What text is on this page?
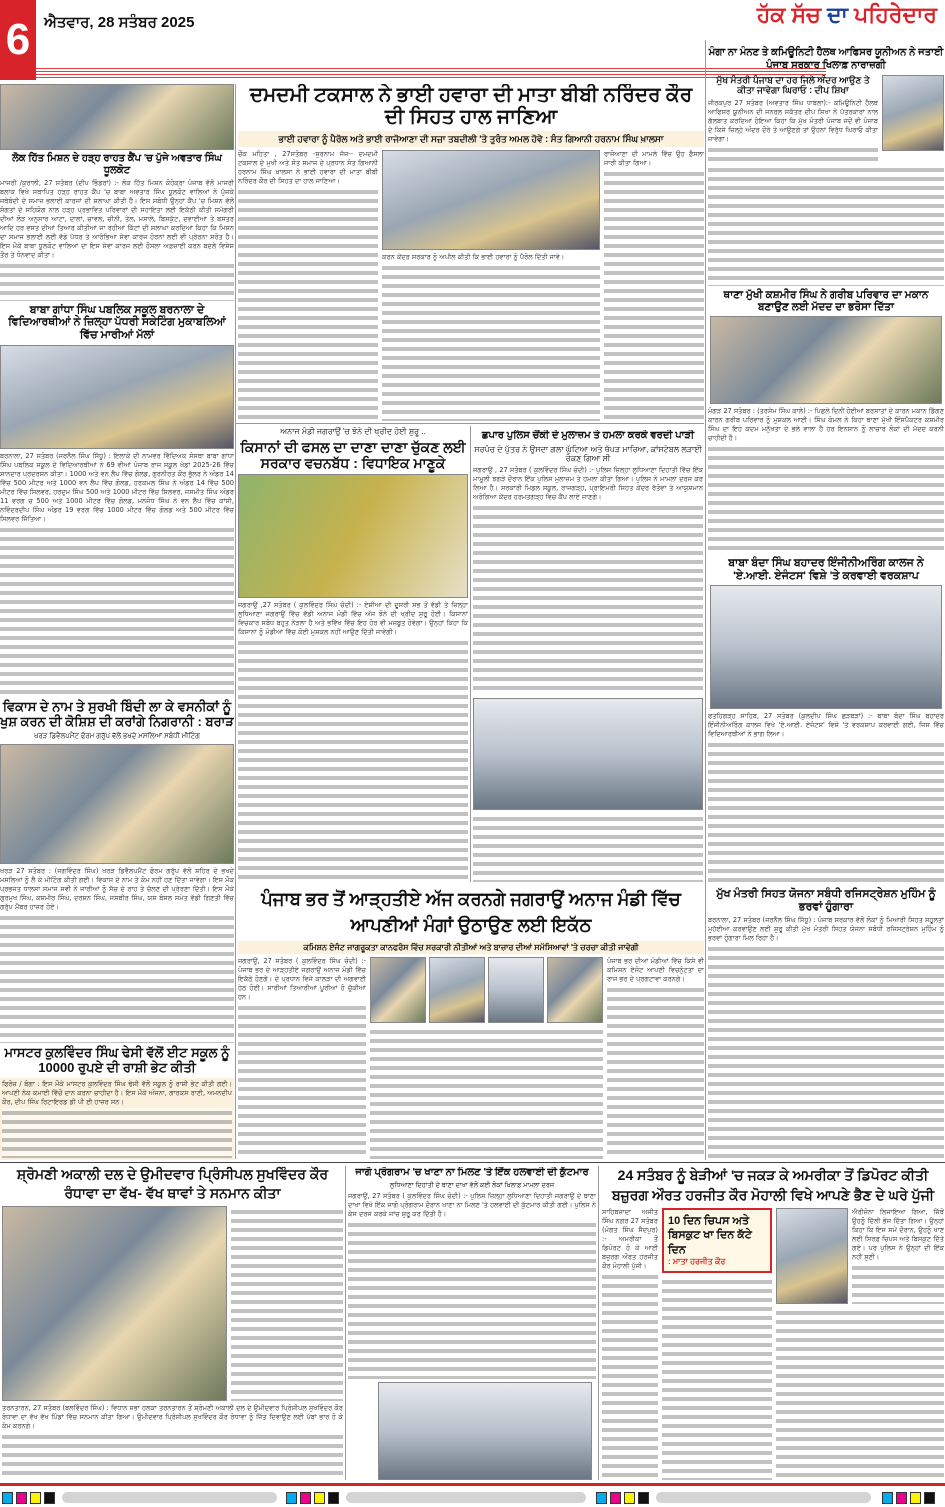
6 ਐਤਵਾਰ, 28 ਸਤੰਬਰ 2025	ਹੱਕ ਸੱਚ ਦਾ ਪਹਿਰੇਦਾਰ
ਲੋਕ ਹਿੱਤ ਮਿਸ਼ਨ ਦੇ ਹੜ੍ਹ ਰਾਹਤ ਕੈਂਪ 'ਚ ਪੁੱਜੇ ਅਵਤਾਰ ਸਿੰਘ ਧੂਲਕੋਟ

ਮਾਜਰੀ /ਕੁਰਾਲੀ, 27 ਸਤੰਬਰ (ਦੀਪ ਭਿੰਡਰਾਂ) :- ਲੋਕ ਹਿੱਤ ਮਿਸ਼ਨ ਕੋਹੋਕ੍ਰਾ ਪੰਜਾਬ ਵੱਲੋਂ ਮਾਜਰੀ ਬਲਾਕ ਵਿਖੇ ਸਥਾਪਿਤ ਹੜ੍ਹ ਰਾਹਤ ਕੈਂਪ 'ਚ ਬਾਬਾ ਅਵਤਾਰ ਸਿੰਘ ਧੂਲਕੋਟ ਵਾਲਿਆਂ ਨੇ ਪੁੱਜਕੇ ਜਥੇਬੰਦੀ ਦੇ ਸਮਾਜ ਭਲਾਈ ਕਾਰਜਾਂ ਦੀ ਸ਼ਲਾਘਾ ਕੀਤੀ ਹੈ। ਇਸ ਸਬੰਧੀ ਉਨ੍ਹਾਂ ਕੈਂਪ 'ਚ ਮਿਸ਼ਨ ਵੱਲੋਂ ਸੰਗਤਾਂ ਦੇ ਸਹਿਯੋਗ ਨਾਲ ਹੜ੍ਹ ਪ੍ਰਭਾਵਿਤ ਪਰਿਵਾਰਾਂ ਦੀ ਸਹਾਇਤਾ ਲਈ ਇਕੱਠੀ ਕੀਤੀ ਸਮੱਗਰੀ ਦੀਆਂ ਲੋੜ ਅਨੁਸਾਰ ਆਟਾ, ਦਾਲਾਂ, ਚਾਵਲ, ਚੀਨੀ, ਤੇਲ, ਮਸਾਲੇ, ਬਿਸਕੁੱਟ, ਦਵਾਈਆਂ ਤੇ ਬਸਤਰ ਆਦਿ ਹਰ ਵਸਤ ਦੀਆਂ ਤਿਆਰ ਕੀਤੀਆਂ ਜਾ ਰਹੀਆਂ ਕਿੱਟਾਂ ਦੀ ਸ਼ਲਾਘਾ ਕਰਦਿਆਂ ਕਿਹਾ ਕਿ ਮਿਸ਼ਨ ਦਾ ਸਮਾਜ ਭਲਾਈ ਲਈ ਵੱਡੇ ਪੱਧਰ ਤੇ ਆਰੰਭਿਆ ਸੇਵਾ ਕਾਰਜ ਹੋਰਨਾਂ ਲਈ ਵੀ ਪ੍ਰੇਰਨਾ ਸਰੋਤ ਹੈ। ਇਸ ਮੌਕੇ ਬਾਬਾ ਧੂਲਕੋਟ ਵਾਲਿਆਂ ਦਾ ਇਸ ਸੇਵਾ ਕਾਰਜ ਲਈ ਹੌਸਲਾ ਅਫ਼ਜ਼ਾਈ ਕਰਨ ਬਦਲੇ ਵਿਸ਼ੇਸ਼ ਤੌਰ ਤੇ ਧੰਨਵਾਦ ਕੀਤਾ।

ਬਾਬਾ ਗਾਂਧਾ ਸਿੰਘ ਪਬਲਿਕ ਸਕੂਲ ਬਰਨਾਲਾ ਦੇ ਵਿਦਿਆਰਥੀਆਂ ਨੇ ਜ਼ਿਲ੍ਹਾ ਪੱਧਰੀ ਸਕੇਟਿੰਗ ਮੁਕਾਬਲਿਆਂ ਵਿੱਚ ਮਾਰੀਆਂ ਮੱਲਾਂ

ਬਰਨਾਲਾ, 27 ਸਤੰਬਰ (ਜਰਨੈਲ ਸਿੰਘ ਸਿੱਧੂ) : ਇਲਾਕੇ ਦੀ ਨਾਮਵਰ ਵਿੱਦਿਅਕ ਸੰਸਥਾ ਬਾਬਾ ਗਾਂਧਾ ਸਿੰਘ ਪਬਲਿਕ ਸਕੂਲ ਦੇ ਵਿਦਿਆਰਥੀਆਂ ਨੇ 69 ਵੀਆਂ ਪੰਜਾਬ ਰਾਜ ਸਕੂਲ ਖੇਡਾਂ 2025-26 ਵਿੱਚ ਸ਼ਾਨਦਾਰ ਪ੍ਰਦਰਸ਼ਨ ਕੀਤਾ। 1000 ਅਤੇ ਵਨ ਲੈਪ ਵਿੱਚ ਗੋਲਡ, ਗੁਰਨੀਰਤ ਕੌਰ ਭੁੱਲਰ ਨੇ ਅੰਡਰ 14 ਵਿੱਚ 500 ਮੀਟਰ ਅਤੇ 1000 ਵਨ ਲੈਪ ਵਿੱਚ ਗੋਲਡ, ਹਰਕਮਲ ਸਿੰਘ ਨੇ ਅੰਡਰ 14 ਵਿੱਚ 500 ਮੀਟਰ ਵਿੱਚ ਸਿਲਵਰ, ਹਰਦੁਮ ਸਿੰਘ 500 ਅਤੇ 1000 ਮੀਟਰ ਵਿੱਚ ਸਿਲਵਰ, ਜਸਮੀਤ ਸਿੰਘ ਅੰਡਰ 11 ਵਰਗ ਚ 500 ਅਤੇ 1000 ਮੀਟਰ ਵਿੱਚ ਗੋਲਡ, ਮਨਜੋਧ ਸਿੰਘ ਨੇ ਵਨ ਲੈਪ ਵਿੱਚ ਕਾਂਸੀ, ਨਵਿੰਦਰਦੀਪ ਸਿੰਘ ਅੰਡਰ 19 ਵਰਗ ਵਿੱਚ 1000 ਮੀਟਰ ਵਿੱਚ ਗੋਲਡ ਅਤੇ 500 ਮੀਟਰ ਵਿੱਚ ਸਿਲਵਰ ਜਿੱਤਿਆ।

ਵਿਕਾਸ ਦੇ ਨਾਮ ਤੇ ਸੁਰਖੀ ਬਿੰਦੀ ਲਾ ਕੇ ਵਸਨੀਕਾਂ ਨੂੰ ਖੁਸ਼ ਕਰਨ ਦੀ ਕੋਸ਼ਿਸ਼ ਦੀ ਕਰਾਂਗੇ ਨਿਗਰਾਨੀ : ਬਰਾੜ
ਖਰੜ ਡਿਵੈਲਪਮੈਂਟ ਫੋਰਮ ਗਰੁੱਪ ਵੱਲੋਂ ਭਖਦੇ ਮਸਲਿਆਂ ਸਬੰਧੀ ਮੀਟਿੰਗ

ਖਰੜ 27 ਸਤੰਬਰ : (ਜਗਵਿੰਦਰ ਸਿੰਘ) ਖਰੜ ਡਿਵੈਲਪਮੈਂਟ ਫੋਰਮ ਗਰੁੱਪ ਵੱਲੋਂ ਸ਼ਹਿਰ ਦੇ ਭਖਦੇ ਮਸਲਿਆਂ ਨੂੰ ਲੈ ਕੇ ਮੀਟਿੰਗ ਕੀਤੀ ਗਈ। ਵਿਕਾਸ ਦੇ ਨਾਮ ਤੇ ਕੰਮ ਨਹੀਂ ਹਣ ਦਿੱਤਾ ਜਾਵੇਗਾ। ਇਸ ਮੌਕ ਪ੍ਰਭਜਤ ਧਾਲਸਾ ਸਮਾਜ ਸਵੀ ਨੇ ਜਾਰੀਆਂ ਨੂੰ ਸੱਚ ਦੇ ਰਾਹ ਤੇ ਚੱਲਣ ਦੀ ਪ੍ਰੇਰਣਾ ਦਿੱਤੀ। ਇਸ ਮੌਕੇ ਗੁਰਮੁਖ ਸਿੰਘ, ਕਸ਼ਮੀਰ ਸਿੰਘ, ਦਰਸ਼ਨ ਸਿੰਘ, ਜਸਬੀਰ ਸਿੰਘ, ਯਸ਼ ਬੰਸਲ ਸਮੇਤ ਵੱਡੀ ਗਿਣਤੀ ਵਿੱਚ ਗਰੁੱਪ ਮੈਂਬਰ ਹਾਜ਼ਰ ਹੋਏ।

ਮਾਸਟਰ ਕੁਲਵਿੰਦਰ ਸਿੰਘ ਢੇਸੀ ਵੱਲੋਂ ਈਟ ਸਕੂਲ ਨੂੰ 10000 ਰੁਪਏ ਦੀ ਰਾਸ਼ੀ ਭੇਟ ਕੀਤੀ

ਫਿਰੋਜ਼ / ਬੰਗਾ : ਇਸ ਮੌਕੇ ਮਾਸਟਰ ਕੁਲਵਿੰਦਰ ਸਿੰਘ ਢੇਸੀ ਵੱਲੋਂ ਸਕੂਲ ਨੂੰ ਰਾਸ਼ੀ ਭੇਟ ਕੀਤੀ ਗਈ। ਆਪਣੀ ਨੇਕ ਕਮਾਈ ਵਿੱਚੋਂ ਦਾਨ ਕਰਨਾ ਚਾਹੀਦਾ ਹੈ। ਇਸ ਮੌਕੇ ਅੰਜਨਾ, ਗਾਰਕਸ ਰਾਣੀ, ਅਮਨਦੀਪ ਕੌਰ, ਦੀਪ ਸਿੰਘ ਰਿਟਾਇਰਡ ਡੀ ਪੀ ਈ ਹਾਜ਼ਰ ਸਨ।

ਦਮਦਮੀ ਟਕਸਾਲ ਨੇ ਭਾਈ ਹਵਾਰਾ ਦੀ ਮਾਤਾ ਬੀਬੀ ਨਰਿੰਦਰ ਕੌਰ ਦੀ ਸਿਹਤ ਹਾਲ ਜਾਣਿਆ
ਭਾਈ ਹਵਾਰਾ ਨੂੰ ਪੈਰੋਲ ਅਤੇ ਭਾਈ ਰਾਜੋਆਣਾ ਦੀ ਸਜ਼ਾ ਤਬਦੀਲੀ 'ਤੇ ਤੁਰੰਤ ਅਮਲ ਹੋਵੇ : ਸੰਤ ਗਿਆਨੀ ਹਰਨਾਮ ਸਿੰਘ ਖ਼ਾਲਸਾ

ਚੌਕ ਮਹਿਤਾ , 27ਸਤੰਬਰ -ਸੁਰਨਾਮ ਜੱਜ-- ਦਮਦਮੀ ਟਕਸਾਲ ਦੇ ਮੁਖੀ ਅਤੇ ਸੰਤ ਸਮਾਜ ਦੇ ਪ੍ਰਧਾਨ ਸੰਤ ਗਿਆਨੀ ਹਰਨਾਮ ਸਿੰਘ ਖ਼ਾਲਸਾ ਨੇ ਭਾਈ ਹਵਾਰਾ ਦੀ ਮਾਤਾ ਬੀਬੀ ਨਰਿੰਦਰ ਕੌਰ ਦੀ ਸਿਹਤ ਦਾ ਹਾਲ ਜਾਣਿਆ।

ਕਰਨ ਕੇਂਦਰ ਸਰਕਾਰ ਨੂੰ ਅਪੀਲ ਕੀਤੀ ਕਿ ਭਾਈ ਹਵਾਰਾ ਨੂੰ ਪੈਰੋਲ ਦਿੱਤੀ ਜਾਵੇ।

ਰਾਜੋਆਣਾ ਦੀ ਮਾਮਲੇ ਵਿੱਚ ਉਹ ਫ਼ੈਸਲਾ ਜਾਰੀ ਕੀਤਾ ਗਿਆ।

ਅਨਾਜ ਮੰਡੀ ਜਗਰਾਉਂ 'ਚ ਝੋਨੇ ਦੀ ਖ੍ਰੀਦ ਹੋਈ ਸ਼ੁਰੂ ..
ਕਿਸਾਨਾਂ ਦੀ ਫਸਲ ਦਾ ਦਾਣਾ ਦਾਣਾ ਚੁੱਕਣ ਲਈ ਸਰਕਾਰ ਵਚਨਬੱਧ : ਵਿਧਾਇਕ ਮਾਣੂਕੇ

ਜਗਰਾਉਂ ,27 ਸਤੰਬਰ ( ਕੁਲਵਿੰਦਰ ਸਿੰਘ ਚੰਦੀ) :- ਏਸ਼ੀਆ ਦੀ ਦੂਸਰੀ ਸਭ ਤੋਂ ਵੱਡੀ ਤੇ ਜ਼ਿਲ੍ਹਾ ਲੁਧਿਆਣਾ ਜਗਰਾਉਂ ਵਿੱਚ ਵੱਡੀ ਅਨਾਜ ਮੰਡੀ ਵਿੱਚ ਅੱਜ ਝੋਨੇ ਦੀ ਖ੍ਰੀਦ ਸ਼ੁਰੂ ਹੋਈ। ਕਿਸਾਨਾਂ ਵਿਚਕਾਰ ਸਬੰਧ ਬਹੁਤ ਨੇੜਲਾ ਹੈ ਅਤੇ ਭਵਿੱਖ ਵਿੱਚ ਇਹ ਹੋਰ ਵੀ ਮਜ਼ਬੂਤ ਹੋਵੇਗਾ। ਉਨ੍ਹਾਂ ਕਿਹਾ ਕਿ ਕਿਸਾਨਾਂ ਨੂੰ ਮੰਡੀਆਂ ਵਿੱਚ ਕੋਈ ਮੁਸ਼ਕਲ ਨਹੀਂ ਆਉਣ ਦਿੱਤੀ ਜਾਵੇਗੀ।

ਛਪਾਰ ਪੁਲਿਸ ਚੌਂਕੀ ਦੇ ਮੁਲਾਜ਼ਮ ਤੇ ਹਮਲਾ ਕਰਕੇ ਵਰਦੀ ਪਾੜੀ
ਸਰਪੰਚ ਦੇ ਪੁੱਤਰ ਨੇ ਉਸਦਾ ਗਲਾ ਘੁੱਟਿਆ ਅਤੇ ਥੱਪੜ ਮਾਰਿਆ, ਕਾਂਸਟੇਬਲ ਲੜਾਈ ਰੋਕਣ ਗਿਆ ਸੀ

ਜਗਰਾਉਂ , 27 ਸਤੰਬਰ ( ਕੁਲਵਿੰਦਰ ਸਿੰਘ ਚੰਦੀ) :- ਪੁਲਿਸ ਜ਼ਿਲ੍ਹਾ ਲੁਧਿਆਣਾ ਦਿਹਾਤੀ ਵਿੱਚ ਇੱਕ ਮਾਮੂਲੀ ਝਗੜੇ ਦੌਰਾਨ ਇੱਕ ਪੁਲਿਸ ਮੁਲਾਜ਼ਮ ਤੇ ਹਮਲਾ ਕੀਤਾ ਗਿਆ। ਪੁਲਿਸ ਨੇ ਮਾਮਲਾ ਦਰਜ ਕਰ ਲਿਆ ਹੈ। ਸਰਕਾਰੀ ਮਿਡਲ ਸਕੂਲ, ਰਾਜਗੜ੍ਹ, ਪ੍ਰਾਇਮਰੀ ਸਿਹਤ ਕੇਂਦਰ ਰੱਤੋਵਾਂ ਤੇ ਆਯੁਸ਼ਮਾਨ ਅਰੋਗਿਆ ਕੇਂਦਰ ਹਰਮਤਗੜ੍ਹ ਵਿਚ ਕੈਂਪ ਲਾਏ ਜਾਣਗੇ।

ਪੰਜਾਬ ਭਰ ਤੋਂ ਆੜ੍ਹਤੀਏ ਅੱਜ ਕਰਨਗੇ ਜਗਰਾਉਂ ਅਨਾਜ ਮੰਡੀ ਵਿੱਚ ਆਪਣੀਆਂ ਮੰਗਾਂ ਉਠਾਉਣ ਲਈ ਇਕੱਠ
ਕਮਿਸ਼ਨ ਏਜੰਟ ਜਾਗਰੂਕਤਾ ਕਾਨਫਰੰਸ ਵਿੱਚ ਸਰਕਾਰੀ ਨੀਤੀਆਂ ਅਤੇ ਬਾਜ਼ਾਰ ਦੀਆਂ ਸਮੱਸਿਆਵਾਂ 'ਤੇ ਚਰਚਾ ਕੀਤੀ ਜਾਵੇਗੀ

ਜਗਰਾਉਂ, 27 ਸਤੰਬਰ ( ਕੁਲਵਿੰਦਰ ਸਿੰਘ ਚੰਦੀ) :- ਪੰਜਾਬ ਭਰ ਦੇ ਆੜ੍ਹਤੀਏ ਜਗਰਾਉਂ ਅਨਾਜ ਮੰਡੀ ਵਿੱਚ ਇਕੱਠੇ ਹੋਣਗੇ। ਦੇ ਪ੍ਰਧਾਨ ਵਿਜੇ ਕਾਲੜਾ ਦੀ ਅਗਵਾਈ ਹੇਠ ਹੋਈ। ਸਾਰੀਆਂ ਤਿਆਰੀਆਂ ਪੂਰੀਆਂ ਹੋ ਚੁੱਕੀਆਂ ਹਨ।

ਪੰਜਾਬ ਭਰ ਦੀਆਂ ਮੰਡੀਆਂ ਵਿੱਚ ਕਿਸੇ ਵੀ ਕਮਿਸ਼ਨ ਏਜੰਟ ਆਪਣੀ ਵਿਚਨੁੰਟਤਾ ਦਾ ਰਾਜ ਭਰ ਦੇ ਪ੍ਰਗਟਾਵਾ ਕਰਨਗੇ।

ਮੰਗਾ ਨਾ ਮੰਨਣ ਤੇ ਕਮਿਊਨਿਟੀ ਹੈਲਥ ਆਫਿਸਰ ਯੂਨੀਅਨ ਨੇ ਜਤਾਈ ਪੰਜਾਬ ਸਰਕਾਰ ਖਿਲਾਫ਼ ਨਾਰਾਜ਼ਗੀ
ਮੁੱਖ ਮੰਤਰੀ ਪੰਜਾਬ ਦਾ ਹਰ ਜਿਲੇ ਅੰਦਰ ਆਉਣ ਤੇ ਕੀਤਾ ਜਾਵੇਗਾ ਘਿਰਾਓ : ਦੀਪ ਸ਼ਿਖਾ

ਜੀਰਕਪੁਰ 27 ਸਤੰਬਰ (ਅਵਤਾਰ ਸਿੰਘ ਧਾਬਲਾ):- ਕਮਿਊਨਿਟੀ ਹੈਲਥ ਆਫਿਸਰ ਯੂਨੀਅਨ ਦੀ ਜਨਰਲ ਸਕੱਤਰ ਦੀਪ ਸ਼ਿਖਾ ਨੇ ਪੱਤਰਕਾਰਾਂ ਨਾਲ ਗੱਲਬਾਤ ਕਰਦਿਆਂ ਹੋਇਆ ਕਿਹਾ ਕਿ ਮੁੱਖ ਮੰਤਰੀ ਪੰਜਾਬ ਜਦੋਂ ਵੀ ਪੰਜਾਬ ਦੇ ਕਿਸੇ ਜ਼ਿਲ੍ਹੇ ਅੰਦਰ ਦੌਰੇ ਤੇ ਆਉਣਗੇ ਤਾਂ ਉਹਨਾਂ ਵਿਰੁੱਧ ਘਿਰਾਓ ਕੀਤਾ ਜਾਵੇਗਾ।

ਥਾਣਾ ਮੁੱਖੀ ਕਸ਼ਮੀਰ ਸਿੰਘ ਨੇ ਗਰੀਬ ਪਰਿਵਾਰ ਦਾ ਮਕਾਨ ਬਣਾਉਣ ਲਈ ਮੱਦਦ ਦਾ ਭਰੋਸਾ ਦਿੱਤਾ

ਮੰਗੜ 27 ਸਤੰਬਰ : (ਤਰਸੇਮ ਸਿੰਘ ਕਾਲੇ) :- ਪਿਛਲੇ ਦਿਨੀਂ ਹੋਈਆਂ ਬਰਸਾਤਾਂ ਦੇ ਕਾਰਨ ਮਕਾਨ ਡਿੱਗਣ ਕਾਰਨ ਗਰੀਬ ਪਰਿਵਾਰ ਨੂੰ ਮੁਸ਼ਕਲ ਆਈ। ਸਿੰਘ ਕੰਮਲ ਨੇ ਕਿਹਾ ਥਾਣਾ ਮੁੱਖੀ ਇੰਸਪੈਕਟਰ ਕਸ਼ਮੀਰ ਸਿੰਘ ਦਾ ਇਹ ਕਦਮ ਮਨੁੱਖਤਾ ਦੇ ਭਲੇ ਵਾਲਾ ਹੈ ਹਰ ਇਨਸਾਨ ਨੂੰ ਲਾਚਾਰ ਲੋਕਾਂ ਦੀ ਮੱਦਦ ਕਰਨੀ ਚਾਹੀਦੀ ਹੈ।

ਬਾਬਾ ਬੰਦਾ ਸਿੰਘ ਬਹਾਦਰ ਇੰਜੀਨੀਅਰਿੰਗ ਕਾਲਜ ਨੇ 'ਏ.ਆਈ. ਏਜੰਟਸ' ਵਿਸ਼ੇ 'ਤੇ ਕਰਵਾਈ ਵਰਕਸ਼ਾਪ

ਫਤਹਿਗੜ੍ਹ ਸਾਹਿਬ, 27 ਸਤੰਬਰ (ਕੁਲਦੀਪ ਸਿੰਘ ਛੜਬੜਾਂ) :- ਬਾਬਾ ਬੰਦਾ ਸਿੰਘ ਬਹਾਦਰ ਇੰਜੀਨੀਅਰਿੰਗ ਕਾਲਜ ਵਿਖੇ 'ਏ.ਆਈ. ਏਜੰਟਸ' ਵਿਸ਼ੇ 'ਤੇ ਵਰਕਸ਼ਾਪ ਕਰਵਾਈ ਗਈ, ਜਿਸ ਵਿੱਚ ਵਿਦਿਆਰਥੀਆਂ ਨੇ ਭਾਗ ਲਿਆ।

ਮੁੱਖ ਮੰਤਰੀ ਸਿਹਤ ਯੋਜਨਾ ਸਬੰਧੀ ਰਜਿਸਟ੍ਰੇਸ਼ਨ ਮੁਹਿੰਮ ਨੂੰ ਭਰਵਾਂ ਹੁੰਗਾਰਾ

ਬਰਨਾਲਾ, 27 ਸਤੰਬਰ (ਜਰਨੈਲ ਸਿੰਘ ਸਿੱਧੂ) : ਪੰਜਾਬ ਸਰਕਾਰ ਵੱਲੋਂ ਲੋਕਾਂ ਨੂੰ ਮਿਆਰੀ ਸਿਹਤ ਸਹੂਲਤਾਂ ਮੁਹੱਈਆ ਕਰਵਾਉਣ ਲਈ ਸ਼ੁਰੂ ਕੀਤੀ ਮੁੱਖ ਮੰਤਰੀ ਸਿਹਤ ਯੋਜਨਾ ਸਬੰਧੀ ਰਜਿਸਟ੍ਰੇਸ਼ਨ ਮੁਹਿੰਮ ਨੂੰ ਭਰਵਾਂ ਹੁੰਗਾਰਾ ਮਿਲ ਰਿਹਾ ਹੈ।

ਸ਼੍ਰੋਮਣੀ ਅਕਾਲੀ ਦਲ ਦੇ ਉਮੀਦਵਾਰ ਪ੍ਰਿੰਸੀਪਲ ਸੁਖਵਿੰਦਰ ਕੌਰ ਰੰਧਾਵਾ ਦਾ ਵੱਖ- ਵੱਖ ਥਾਵਾਂ ਤੇ ਸਨਮਾਨ ਕੀਤਾ

ਤਰਨਤਾਰਨ, 27 ਸਤੰਬਰ (ਬਲਵਿੰਦਰ ਸਿੰਘ) : ਵਿਧਾਨ ਸਭਾ ਹਲਕਾ ਤਰਨਤਾਰਨ ਤੋਂ ਸ਼੍ਰੋਮਣੀ ਅਕਾਲੀ ਦਲ ਦੇ ਉਮੀਦਵਾਰ ਪ੍ਰਿੰਸੀਪਲ ਸੁਖਵਿੰਦਰ ਕੌਰ ਰੰਧਾਵਾ ਦਾ ਵੱਖ ਵੱਖ ਪਿੰਡਾਂ ਵਿੱਚ ਸਨਮਾਨ ਕੀਤਾ ਗਿਆ। ਉਮੀਦਵਾਰ ਪ੍ਰਿੰਸੀਪਲ ਸੁਖਵਿੰਦਰ ਕੌਰ ਰੰਧਾਵਾ ਨੂੰ ਜਿੱਤ ਦਿਵਾਉਣ ਲਈ ਪੱਬਾਂ ਭਾਰ ਹੋ ਕੇ ਕੰਮ ਕਰਨਗੇ।

ਜਾਗੋ ਪ੍ਰੋਗਰਾਮ 'ਚ ਖਾਣਾ ਨਾ ਮਿਲਣ 'ਤੇ ਇੱਕ ਹਲਵਾਈ ਦੀ ਕੁੱਟਮਾਰ
ਲੁਧਿਆਣਾ ਦਿਹਾਤੀ ਦੇ ਥਾਣਾ ਦਾਖਾ ਵੱਲੋਂ ਕਈ ਲੋਕਾਂ ਖ਼ਿਲਾਫ਼ ਮਾਮਲਾ ਦਰਜ

ਜਗਰਾਉਂ, 27 ਸਤੰਬਰ ( ਕੁਲਵਿੰਦਰ ਸਿੰਘ ਚੰਦੀ) :- ਪੁਲਿਸ ਜ਼ਿਲ੍ਹਾ ਲੁਧਿਆਣਾ ਦਿਹਾਤੀ ਜਗਰਾਉਂ ਦੇ ਥਾਣਾ ਦਾਖਾ ਵਿਖੇ ਇੱਕ ਜਾਗੋ ਪ੍ਰੋਗਰਾਮ ਦੌਰਾਨ ਖਾਣਾ ਨਾ ਮਿਲਣ 'ਤੇ ਹਲਵਾਈ ਦੀ ਕੁੱਟਮਾਰ ਕੀਤੀ ਗਈ। ਪੁਲਿਸ ਨੇ ਕੇਸ ਦਰਜ ਕਰਕੇ ਜਾਂਚ ਸ਼ੁਰੂ ਕਰ ਦਿੱਤੀ ਹੈ।

24 ਸਤੰਬਰ ਨੂੰ ਬੇੜੀਆਂ 'ਚ ਜਕੜ ਕੇ ਅਮਰੀਕਾ ਤੋਂ ਡਿਪੋਰਟ ਕੀਤੀ ਬਜ਼ੁਰਗ ਔਰਤ ਹਰਜੀਤ ਕੌਰ ਮੋਹਾਲੀ ਵਿਖੇ ਆਪਣੇ ਭੈਣ ਦੇ ਘਰੇ ਪੁੱਜੀ

ਸਾਹਿਬਜ਼ਾਦਾ ਅਜੀਤ ਸਿੰਘ ਨਗਰ 27 ਸਤੰਬਰ (ਮੰਗਤ ਸਿੰਘ ਸੈਦਪੁਰ) :- ਅਮਰੀਕਾ ਤੋਂ ਡਿਪੋਰਟ ਹੋ ਕੇ ਆਈ ਬਜ਼ੁਰਗ ਔਰਤ ਹਰਜੀਤ ਕੌਰ ਮੋਹਾਲੀ ਪੁੱਜੀ।

10 ਦਿਨ ਚਿਪਸ ਅਤੇ ਬਿਸਕੁਟ ਖਾ ਦਿਨ ਕੱਟੇ ਦਿਨ
: ਮਾਤਾ ਹਰਜੀਤ ਕੌਰ

ਐਰੀਜ਼ੋਨਾ ਲਿਜਾਇਆ ਗਿਆ, ਜਿੱਥੋਂ ਉਹਨੂੰ ਦਿੱਲੀ ਭੇਜ ਦਿੱਤਾ ਗਿਆ। ਉਨ੍ਹਾਂ ਕਿਹਾ ਕਿ ਇਸ ਸਮੇਂ ਦੌਰਾਨ, ਉਹਨੂੰ ਖਾਣ ਲਈ ਸਿਰਫ਼ ਚਿਪਸ ਅਤੇ ਬਿਸਕੁਟ ਦਿੱਤੇ ਗਏ। ਪਰ ਪੁਲਿਸ ਨੇ ਉਨ੍ਹਾਂ ਦੀ ਇੱਕ ਨਹੀਂ ਸੁਣੀ।
